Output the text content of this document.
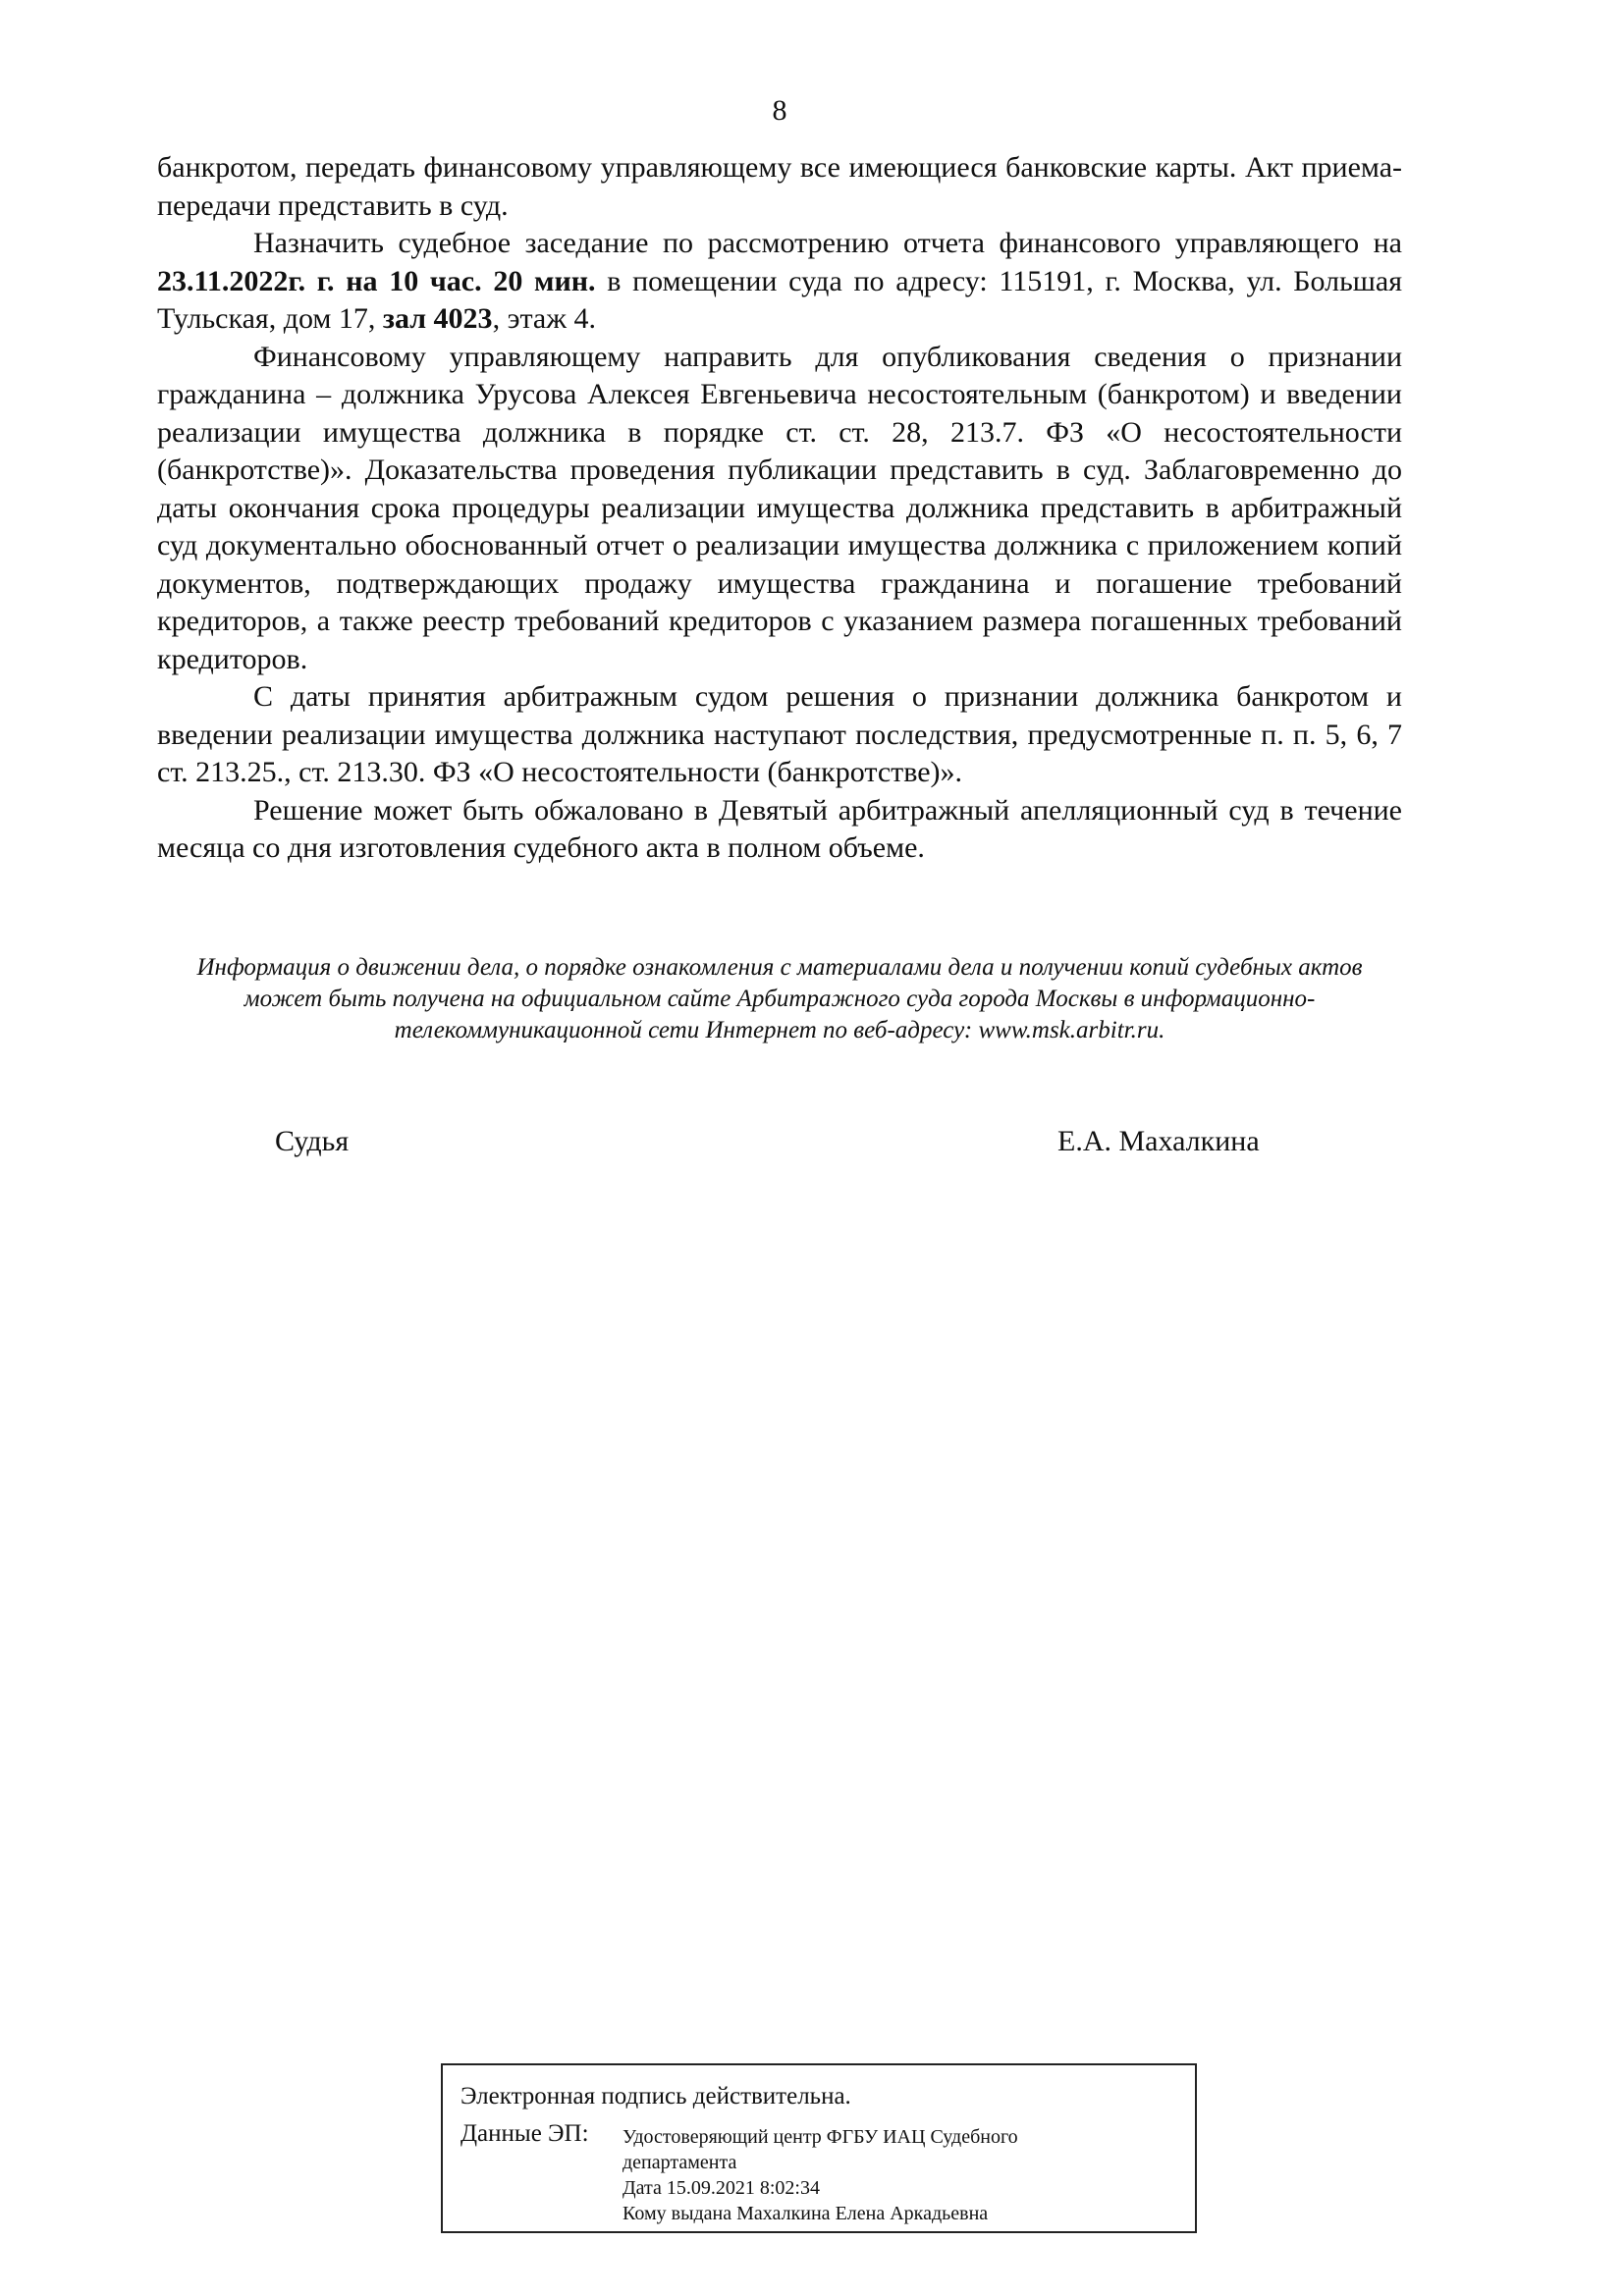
8

банкротом, передать финансовому управляющему все имеющиеся банковские карты. Акт приема-передачи представить в суд.

Назначить судебное заседание по рассмотрению отчета финансового управляющего на 23.11.2022г. г. на 10 час. 20 мин. в помещении суда по адресу: 115191, г. Москва, ул. Большая Тульская, дом 17, зал 4023, этаж 4.

Финансовому управляющему направить для опубликования сведения о признании гражданина – должника Урусова Алексея Евгеньевича несостоятельным (банкротом) и введении реализации имущества должника в порядке ст. ст. 28, 213.7. ФЗ «О несостоятельности (банкротстве)». Доказательства проведения публикации представить в суд. Заблаговременно до даты окончания срока процедуры реализации имущества должника представить в арбитражный суд документально обоснованный отчет о реализации имущества должника с приложением копий документов, подтверждающих продажу имущества гражданина и погашение требований кредиторов, а также реестр требований кредиторов с указанием размера погашенных требований кредиторов.

С даты принятия арбитражным судом решения о признании должника банкротом и введении реализации имущества должника наступают последствия, предусмотренные п. п. 5, 6, 7 ст. 213.25., ст. 213.30. ФЗ «О несостоятельности (банкротстве)».

Решение может быть обжаловано в Девятый арбитражный апелляционный суд в течение месяца со дня изготовления судебного акта в полном объеме.

Информация о движении дела, о порядке ознакомления с материалами дела и получении копий судебных актов может быть получена на официальном сайте Арбитражного суда города Москвы в информационно-телекоммуникационной сети Интернет по веб-адресу: www.msk.arbitr.ru.
Судья	Е.А. Махалкина
Электронная подпись действительна.
Данные ЭП: Удостоверяющий центр ФГБУ ИАЦ Судебного
департамента
Дата 15.09.2021 8:02:34
Кому выдана Махалкина Елена Аркадьевна
